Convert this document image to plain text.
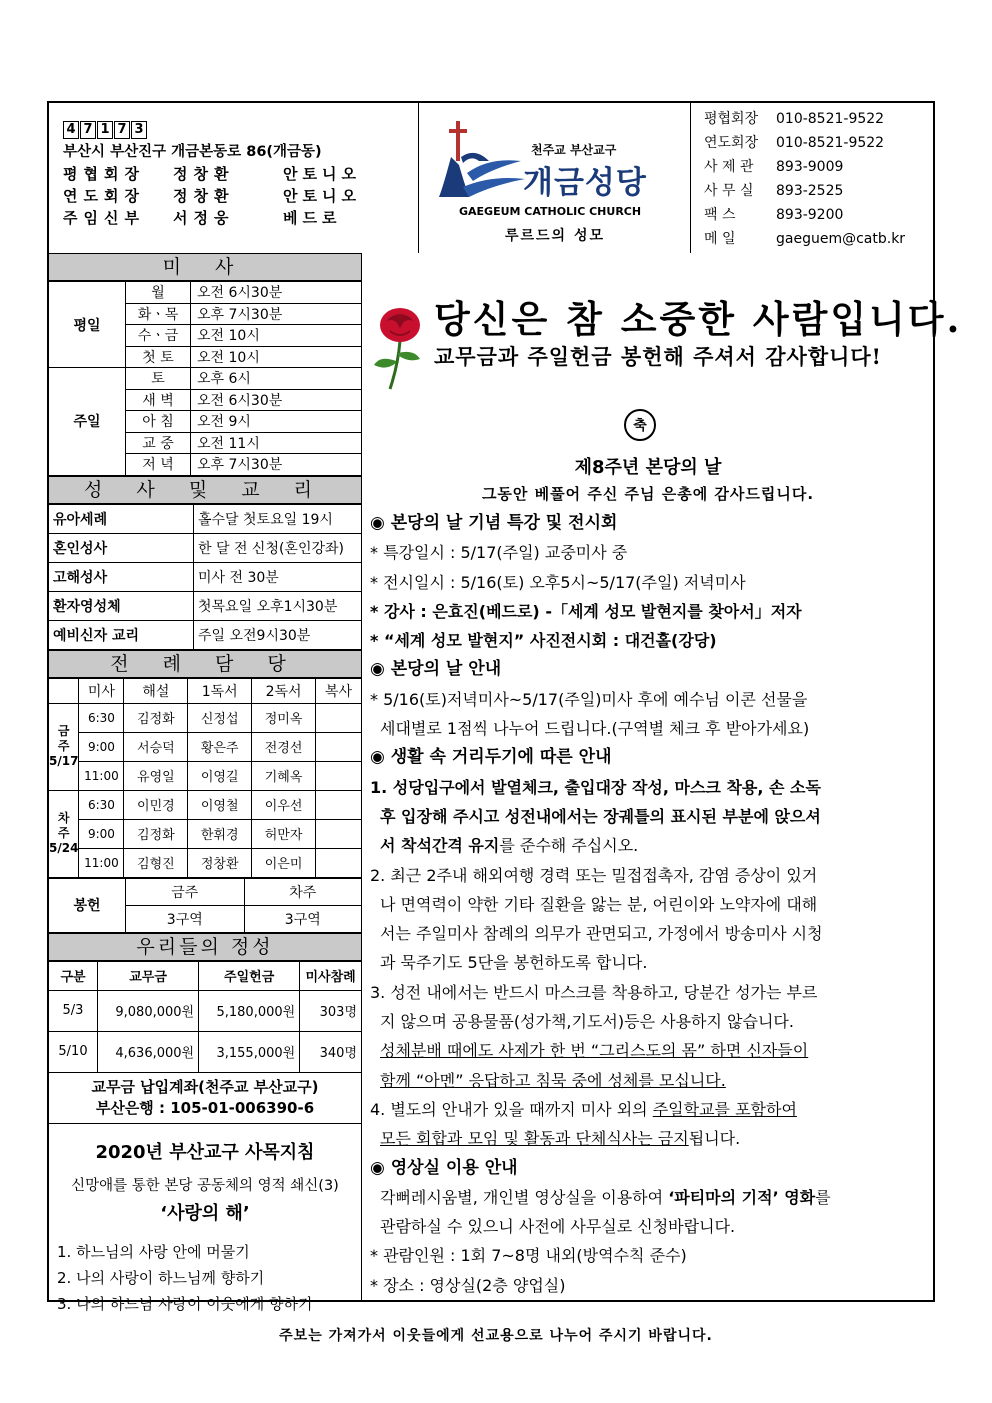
4 7 1 7 3
부산시 부산진구 개금본동로 86(개금동)
평협회장	정창환	안토니오
연도회장	정창환	안토니오
주임신부	서정웅	베드로
천주교 부산교구
개금성당
GAEGEUM CATHOLIC CHURCH
루르드의 성모
평협회장	010-8521-9522
연도회장	010-8521-9522
사 제 관	893-9009
사 무 실	893-2525
팩 스	893-9200
메 일	gaeguem@catb.kr
미 사
평일	월	오전 6시30분
	화ㆍ목	오후 7시30분
	수ㆍ금	오전 10시
	첫 토	오전 10시
주일	토	오후 6시
	새 벽	오전 6시30분
	아 침	오전 9시
	교 중	오전 11시
	저 녁	오후 7시30분
성 사 및 교 리
유아세례	홀수달 첫토요일 19시
혼인성사	한 달 전 신청(혼인강좌)
고해성사	미사 전 30분
환자영성체	첫목요일 오후1시30분
예비신자 교리	주일 오전9시30분
전 례 담 당
	미사	해설	1독서	2독서	복사
금
주
5/17	6:30	김정화	신정섭	정미옥	
	9:00	서승덕	황은주	전경선	
	11:00	유영일	이영길	기혜옥	
차
주
5/24	6:30	이민경	이영철	이우선	
	9:00	김정화	한휘경	허만자	
	11:00	김형진	정창환	이은미	
봉헌	금주	차주
	3구역	3구역
우리들의 정성
구분	교무금	주일헌금	미사참례
5/3	9,080,000원	5,180,000원	303명
5/10	4,636,000원	3,155,000원	340명
교무금 납입계좌(천주교 부산교구)
부산은행 : 105-01-006390-6
2020년 부산교구 사목지침
신망애를 통한 본당 공동체의 영적 쇄신(3)
‘사랑의 해’
1. 하느님의 사랑 안에 머물기
2. 나의 사랑이 하느님께 향하기
3. 나의 하느님 사랑이 이웃에게 향하기
당신은 참 소중한 사람입니다.
교무금과 주일헌금 봉헌해 주셔서 감사합니다!
축
제8주년 본당의 날
그동안 베풀어 주신 주님 은총에 감사드립니다.

◉ 본당의 날 기념 특강 및 전시회

* 특강일시 : 5/17(주일) 교중미사 중

* 전시일시 : 5/16(토) 오후5시~5/17(주일) 저녁미사

* 강사 : 은효진(베드로) -「세계 성모 발현지를 찾아서」저자

* “세계 성모 발현지” 사진전시회 : 대건홀(강당)

◉ 본당의 날 안내

* 5/16(토)저녁미사~5/17(주일)미사 후에 예수님 이콘 선물을

세대별로 1점씩 나누어 드립니다.(구역별 체크 후 받아가세요)

◉ 생활 속 거리두기에 따른 안내

1. 성당입구에서 발열체크, 출입대장 작성, 마스크 착용, 손 소독

후 입장해 주시고 성전내에서는 장궤틀의 표시된 부분에 앉으셔

서 착석간격 유지를 준수해 주십시오.

2. 최근 2주내 해외여행 경력 또는 밀접접촉자, 감염 증상이 있거

나 면역력이 약한 기타 질환을 앓는 분, 어린이와 노약자에 대해

서는 주일미사 참례의 의무가 관면되고, 가정에서 방송미사 시청

과 묵주기도 5단을 봉헌하도록 합니다.

3. 성전 내에서는 반드시 마스크를 착용하고, 당분간 성가는 부르

지 않으며 공용물품(성가책,기도서)등은 사용하지 않습니다.

성체분배 때에도 사제가 한 번 “그리스도의 몸” 하면 신자들이

함께 “아멘” 응답하고 침묵 중에 성체를 모십니다.

4. 별도의 안내가 있을 때까지 미사 외의 주일학교를 포함하여

모든 회합과 모임 및 활동과 단체식사는 금지됩니다.

◉ 영상실 이용 안내

각뻐레시움별, 개인별 영상실을 이용하여 ‘파티마의 기적’ 영화를

관람하실 수 있으니 사전에 사무실로 신청바랍니다.

* 관람인원 : 1회 7~8명 내외(방역수칙 준수)

* 장소 : 영상실(2층 양업실)

주보는 가져가서 이웃들에게 선교용으로 나누어 주시기 바랍니다.
